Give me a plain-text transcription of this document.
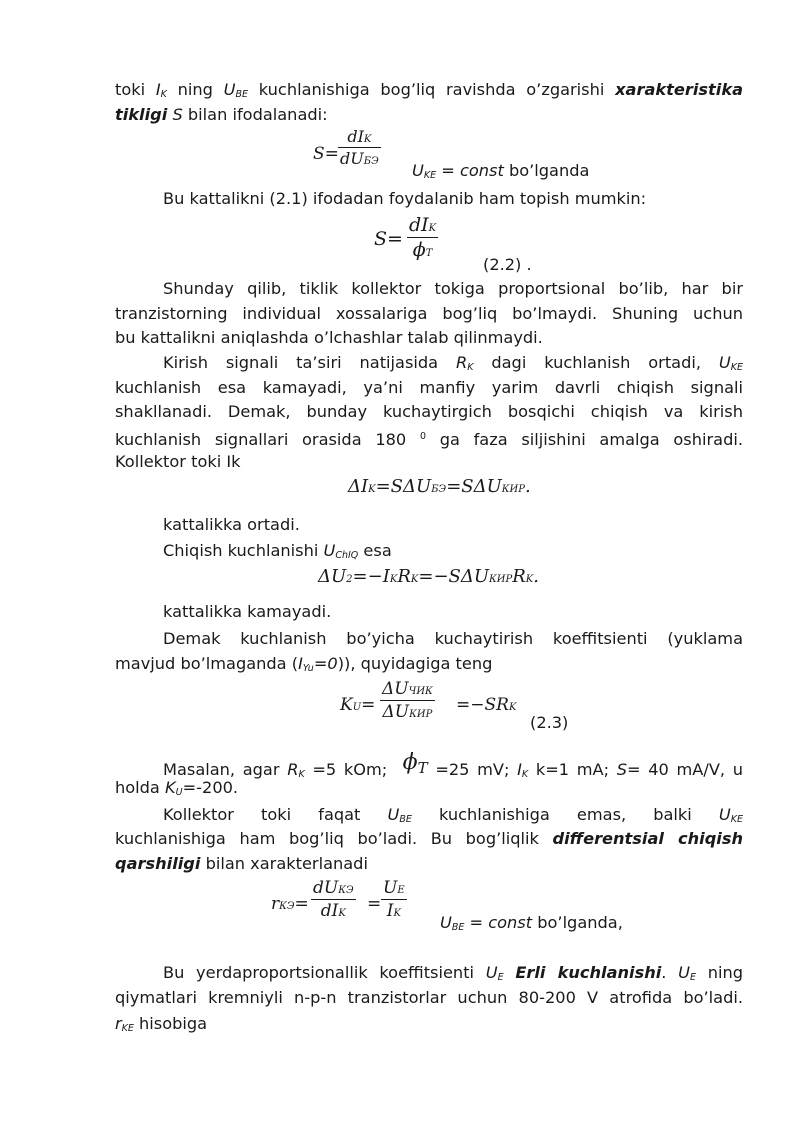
toki $I_K$ ning $U_{BE}$ kuchlanishiga bog’liq ravishda o’zgarishi xarakteristika
tikligi S bilan ifodalanadi:
S=
dIK
dUБЭ $U_{KE}$ = const bo’lganda
Bu kattalikni (2.1) ifodadan foydalanib ham topish mumkin:
S=
dIK
ϕT
(2.2) .
Shunday qilib, tiklik kollektor tokiga proportsional bo’lib, har bir
tranzistorning individual xossalariga bog’liq bo’lmaydi. Shuning uchun
bu kattalikni aniqlashda o’lchashlar talab qilinmaydi.
Kirish signali ta’siri natijasida $R_K$ dagi kuchlanish ortadi, $U_{KE}$
kuchlanish esa kamayadi, ya’ni manfiy yarim davrli chiqish signali
shakllanadi. Demak, bunday kuchaytirgich bosqichi chiqish va kirish
kuchlanish signallari orasida 180 $^0$ ga faza siljishini amalga oshiradi.
Kollektor toki Ik
ΔIK=SΔUБЭ=SΔUКИР.
kattalikka ortadi.
Chiqish kuchlanishi $U_{ChIQ}$ esa
ΔU2=−IKRK=−SΔUКИРRK.
kattalikka kamayadi.
Demak kuchlanish bo’yicha kuchaytirish koeffitsienti (yuklama
mavjud bo’lmaganda $(I_{Yu}=0)$), quyidagiga teng
KU=
ΔUЧИК
ΔUКИР =−SRK
(2.3)
Masalan, agar $R_K =5$ kOm; ϕT =25 mV; $I_K$ k=1 mA; S= 40 mA/V, u
holda $K_U=-200$.
Kollektor toki faqat $U_{BE}$ kuchlanishiga emas, balki $U_{KE}$
kuchlanishiga ham bog’liq bo’ladi. Bu bog’liqlik differentsial chiqish
qarshiligi bilan xarakterlanadi
rКЭ=
dUКЭ
dIK	= $\frac{UE}{IK}$
$U_{BE}$ = const bo’lganda,
Bu yerdaproportsionallik koeffitsienti $U_E$ Erli kuchlanishi. $U_E$ ning
qiymatlari kremniyli n-p-n tranzistorlar uchun 80-200 V atrofida bo’ladi.
$r_{KE}$ hisobiga
